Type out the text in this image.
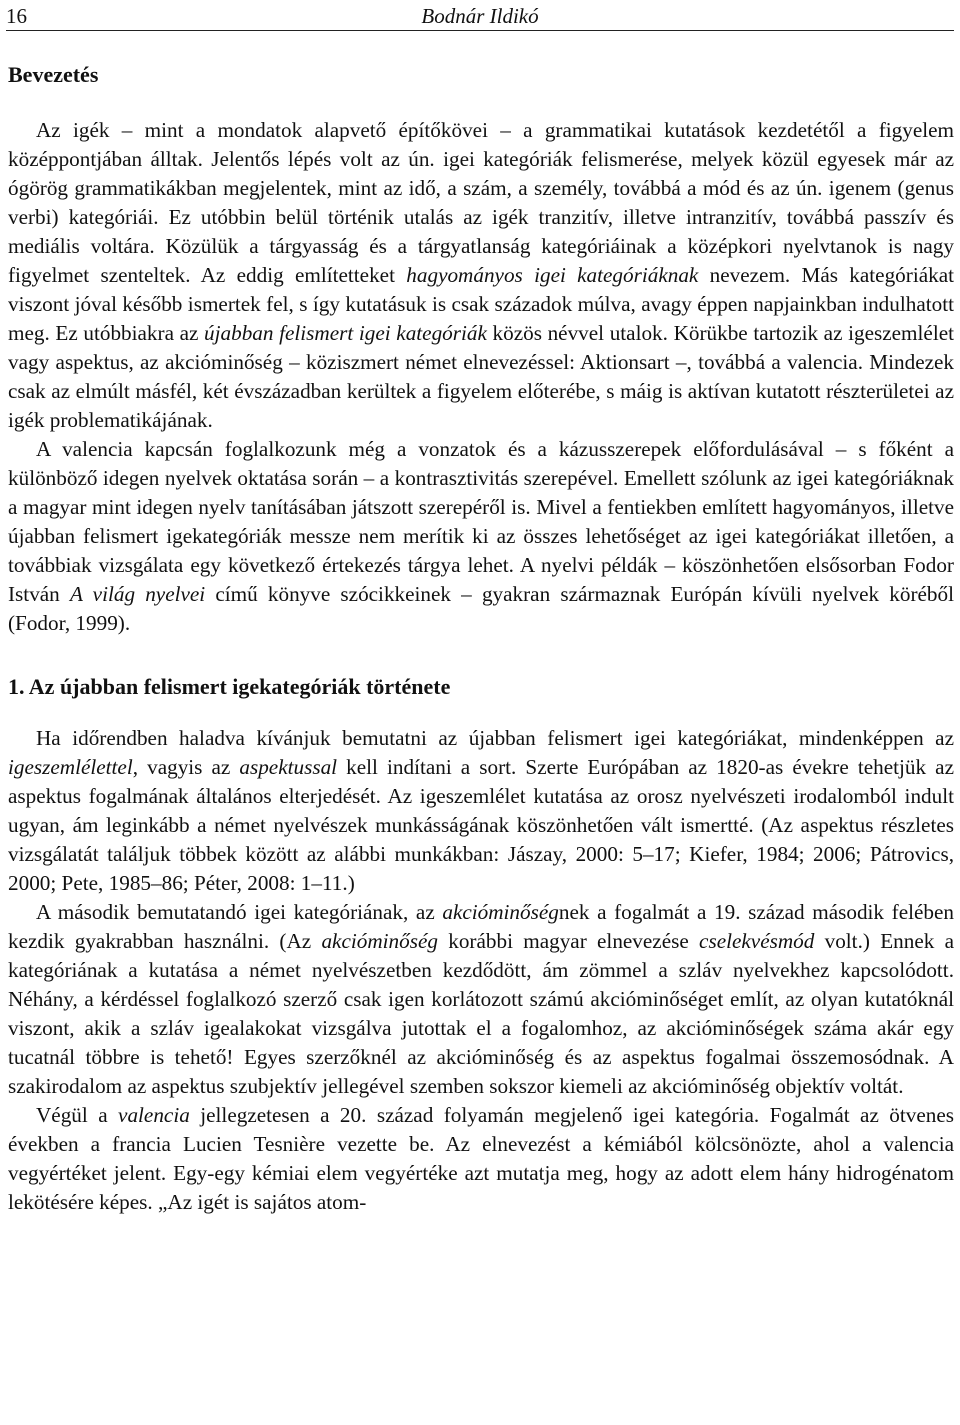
16	Bodnár Ildikó
Bevezetés

Az igék – mint a mondatok alapvető építőkövei – a grammatikai kutatások kezdetétől a figyelem középpontjában álltak. Jelentős lépés volt az ún. igei kategóriák felismerése, melyek közül egyesek már az ógörög grammatikákban megjelentek, mint az idő, a szám, a személy, továbbá a mód és az ún. igenem (genus verbi) kategóriái. Ez utóbbin belül történik utalás az igék tranzitív, illetve intranzitív, továbbá passzív és mediális voltára. Közülük a tárgyasság és a tárgyatlanság kategóriáinak a középkori nyelvtanok is nagy figyelmet szenteltek. Az eddig említetteket hagyományos igei kategóriáknak nevezem. Más kategóriákat viszont jóval később ismertek fel, s így kutatásuk is csak századok múlva, avagy éppen napjainkban indulhatott meg. Ez utóbbiakra az újabban felismert igei kategóriák közös névvel utalok. Körükbe tartozik az igeszemlélet vagy aspektus, az akcióminőség – köziszmert német elnevezéssel: Aktionsart –, továbbá a valencia. Mindezek csak az elmúlt másfél, két évszázadban kerültek a figyelem előterébe, s máig is aktívan kutatott részterületei az igék problematikájának.

A valencia kapcsán foglalkozunk még a vonzatok és a kázusszerepek előfordulásával – s főként a különböző idegen nyelvek oktatása során – a kontrasztivitás szerepével. Emellett szólunk az igei kategóriáknak a magyar mint idegen nyelv tanításában játszott szerepéről is. Mivel a fentiekben említett hagyományos, illetve újabban felismert igekategóriák messze nem merítik ki az összes lehetőséget az igei kategóriákat illetően, a továbbiak vizsgálata egy következő értekezés tárgya lehet. A nyelvi példák – köszönhetően elsősorban Fodor István A világ nyelvei című könyve szócikkeinek – gyakran származnak Európán kívüli nyelvek köréből (Fodor, 1999).

1. Az újabban felismert igekategóriák története

Ha időrendben haladva kívánjuk bemutatni az újabban felismert igei kategóriákat, mindenképpen az igeszemlélettel, vagyis az aspektussal kell indítani a sort. Szerte Európában az 1820-as évekre tehetjük az aspektus fogalmának általános elterjedését. Az igeszemlélet kutatása az orosz nyelvészeti irodalomból indult ugyan, ám leginkább a német nyelvészek munkásságának köszönhetően vált ismertté. (Az aspektus részletes vizsgálatát találjuk többek között az alábbi munkákban: Jászay, 2000: 5–17; Kiefer, 1984; 2006; Pátrovics, 2000; Pete, 1985–86; Péter, 2008: 1–11.)

A második bemutatandó igei kategóriának, az akcióminőségnek a fogalmát a 19. század második felében kezdik gyakrabban használni. (Az akcióminőség korábbi magyar elnevezése cselekvésmód volt.) Ennek a kategóriának a kutatása a német nyelvészetben kezdődött, ám zömmel a szláv nyelvekhez kapcsolódott. Néhány, a kérdéssel foglalkozó szerző csak igen korlátozott számú akcióminőséget említ, az olyan kutatóknál viszont, akik a szláv igealakokat vizsgálva jutottak el a fogalomhoz, az akcióminőségek száma akár egy tucatnál többre is tehető! Egyes szerzőknél az akcióminőség és az aspektus fogalmai összemosódnak. A szakirodalom az aspektus szubjektív jellegével szemben sokszor kiemeli az akcióminőség objektív voltát.

Végül a valencia jellegzetesen a 20. század folyamán megjelenő igei kategória. Fogalmát az ötvenes években a francia Lucien Tesnière vezette be. Az elnevezést a kémiából kölcsönözte, ahol a valencia vegyértéket jelent. Egy-egy kémiai elem vegyértéke azt mutatja meg, hogy az adott elem hány hidrogénatom lekötésére képes. „Az igét is sajátos atom-
